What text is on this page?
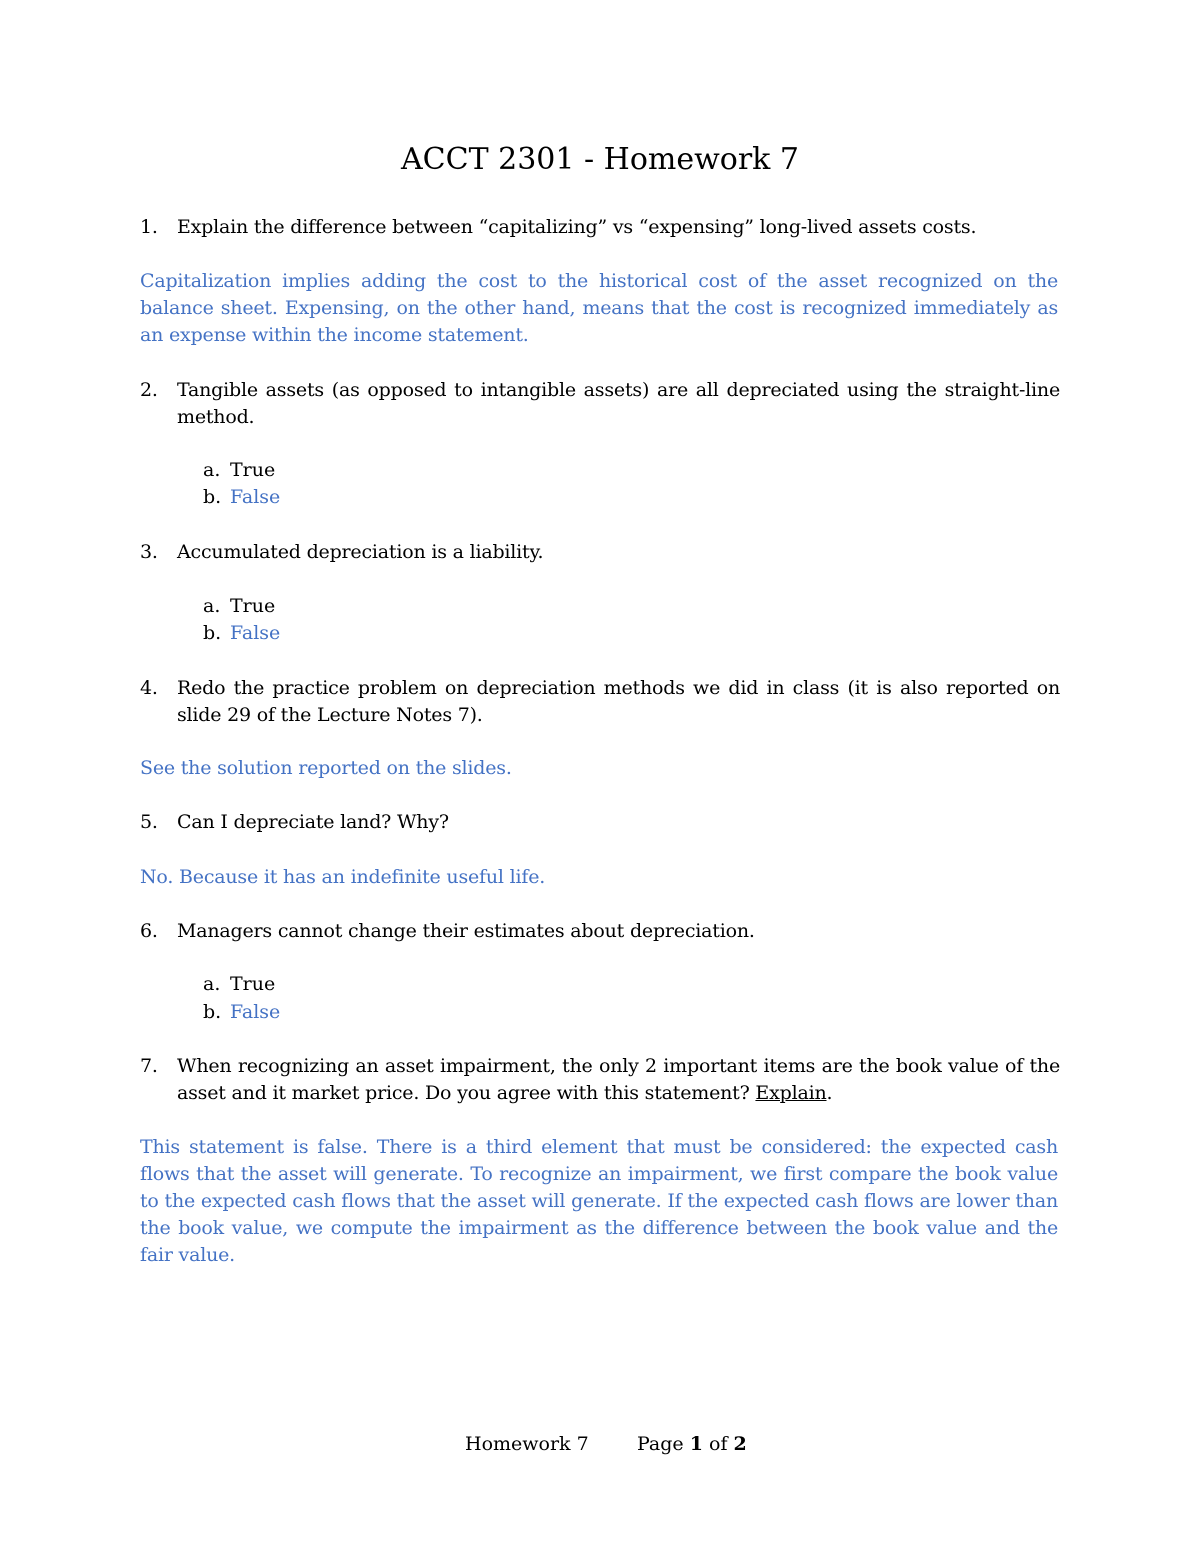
ACCT 2301 - Homework 7
1. Explain the difference between “capitalizing” vs “expensing” long-lived assets costs.
Capitalization implies adding the cost to the historical cost of the asset recognized on the balance sheet. Expensing, on the other hand, means that the cost is recognized immediately as an expense within the income statement.
2. Tangible assets (as opposed to intangible assets) are all depreciated using the straight-line method.
a. True
b. False
3. Accumulated depreciation is a liability.
a. True
b. False
4. Redo the practice problem on depreciation methods we did in class (it is also reported on slide 29 of the Lecture Notes 7).
See the solution reported on the slides.
5. Can I depreciate land? Why?
No. Because it has an indefinite useful life.
6. Managers cannot change their estimates about depreciation.
a. True
b. False
7. When recognizing an asset impairment, the only 2 important items are the book value of the asset and it market price. Do you agree with this statement? Explain.
This statement is false. There is a third element that must be considered: the expected cash flows that the asset will generate. To recognize an impairment, we first compare the book value to the expected cash flows that the asset will generate. If the expected cash flows are lower than the book value, we compute the impairment as the difference between the book value and the fair value.
Homework 7	Page 1 of 2
